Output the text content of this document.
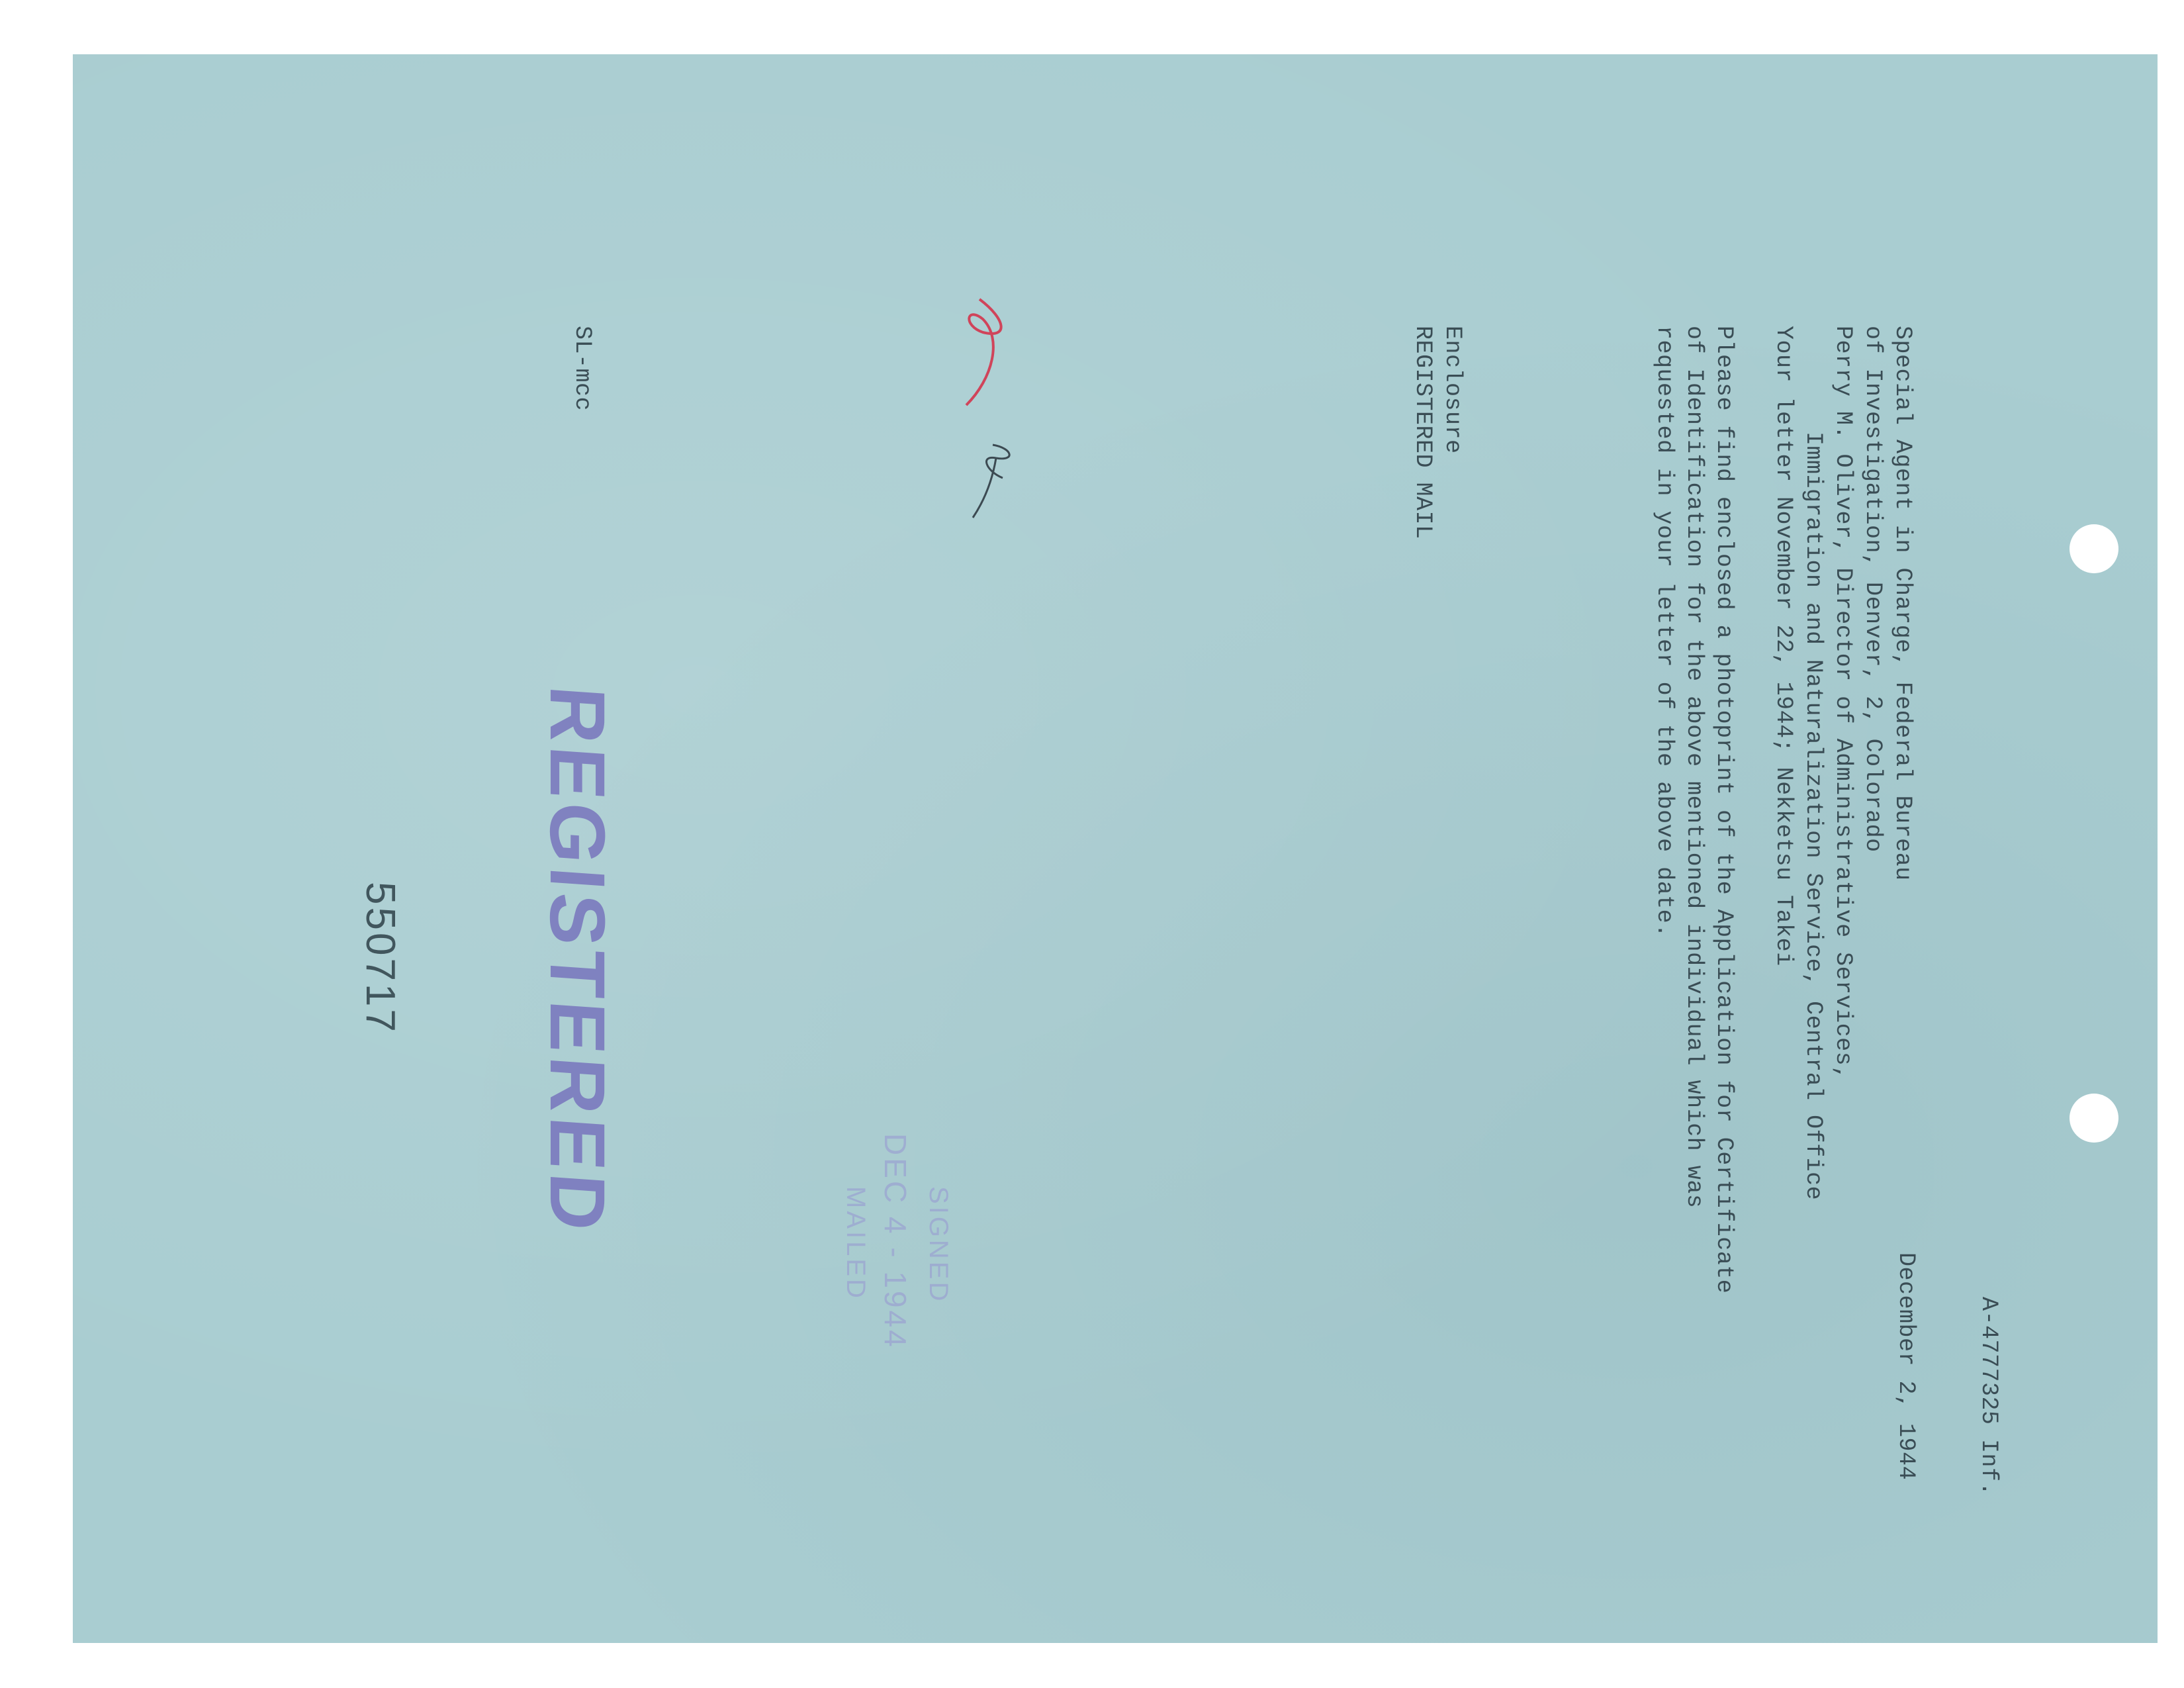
A-4777325 Inf.
December 2, 1944
Special Agent in Charge, Federal Bureau
of Investigation, Denver, 2, Colorado
Perry M. Oliver, Director of Administrative Services,
Immigration and Naturalization Service, Central Office
Your letter November 22, 1944; Nekketsu Takei
Please find enclosed a photoprint of the Application for Certificate
of Identification for the above mentioned individual which was
requested in your letter of the above date.
Enclosure
REGISTERED MAIL
SL-mcc
REGISTERED
550717
SIGNED
DEC 4 - 1944
MAILED
